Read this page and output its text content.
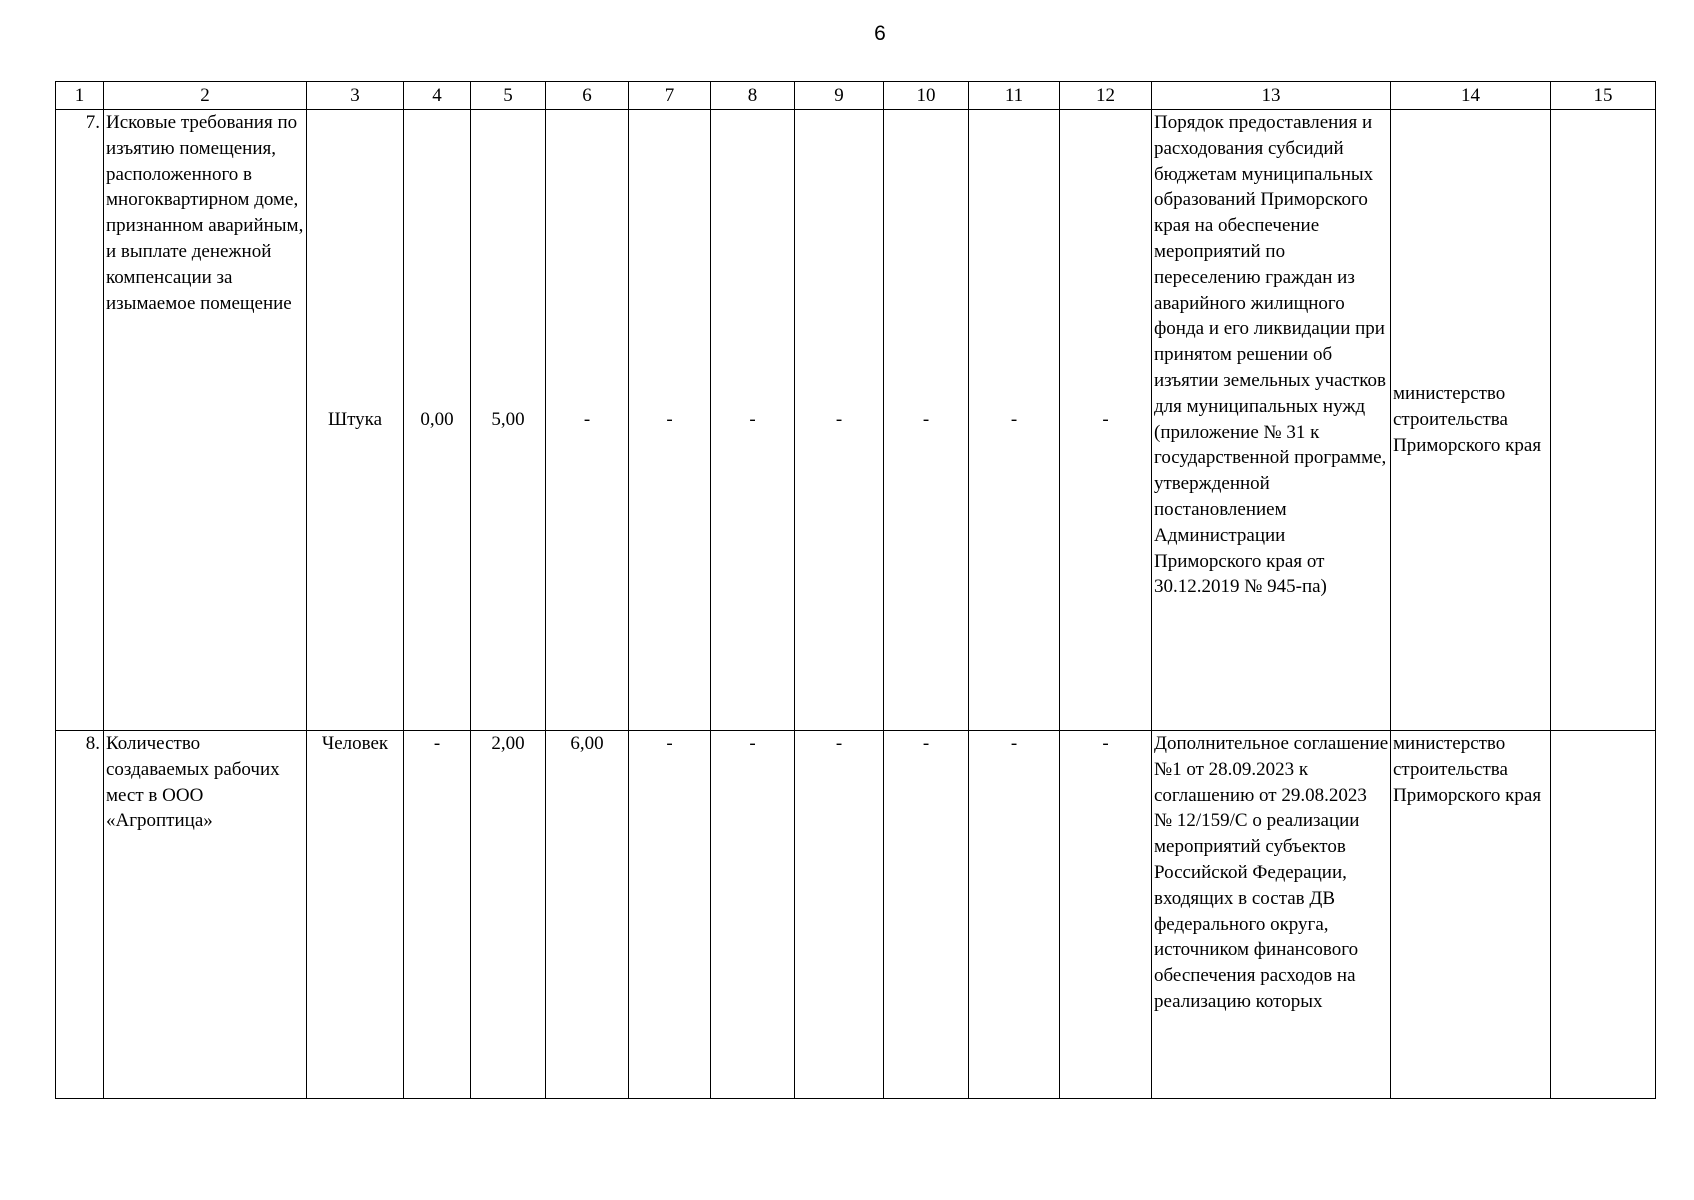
6
1	2	3	4	5	6	7	8	9	10	11	12	13	14	15
7.	Исковые требования по изъятию помещения, расположенного в многоквартирном доме, признанном аварийным, и выплате денежной компенсации за изымаемое помещение	Штука	0,00	5,00	-	-	-	-	-	-	-	Порядок предоставления и расходования субсидий бюджетам муниципальных образований Приморского края на обеспечение мероприятий по переселению граждан из аварийного жилищного фонда и его ликвидации при принятом решении об изъятии земельных участков для муниципальных нужд (приложение № 31 к государственной программе, утвержденной постановлением Администрации Приморского края от 30.12.2019 № 945-па)	министерство строительства Приморского края	
8.	Количество создаваемых рабочих мест в ООО «Агроптица»	Человек	-	2,00	6,00	-	-	-	-	-	-	Дополнительное соглашение №1 от 28.09.2023 к соглашению от 29.08.2023 № 12/159/С о реализации мероприятий субъектов Российской Федерации, входящих в состав ДВ федерального округа, источником финансового обеспечения расходов на реализацию которых	министерство строительства Приморского края	
